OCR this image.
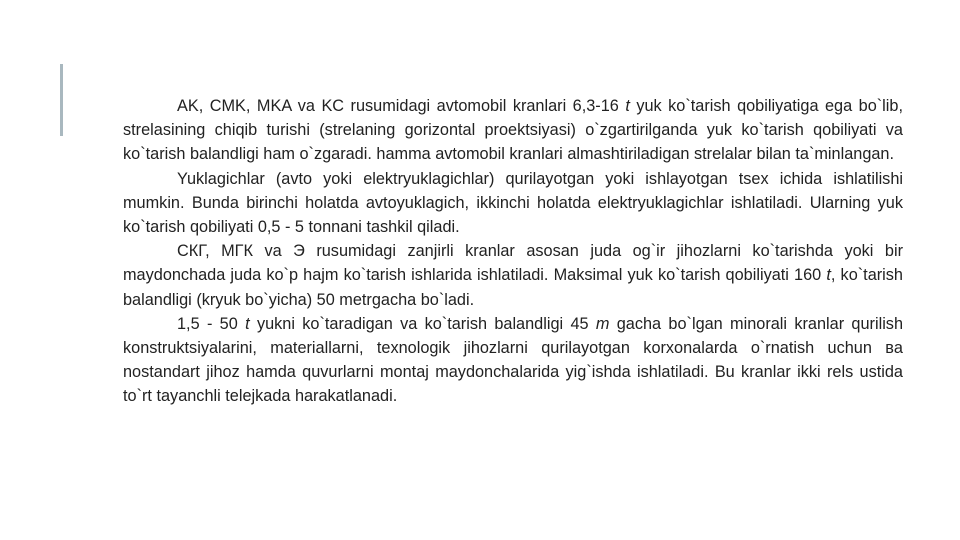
AK, CMK, MKA va KC rusumidagi avtomobil kranlari 6,3-16 t yuk ko`tarish qobiliyatiga ega bo`lib, strelasining chiqib turishi (strelaning gorizontal proektsiyasi) o`zgartirilganda yuk ko`tarish qobiliyati va ko`tarish balandligi ham o`zgaradi. hamma avtomobil kranlari almashtiriladigan strelalar bilan ta`minlangan.

Yuklagichlar (avto yoki elektryuklagichlar) qurilayotgan yoki ishlayotgan tsex ichida ishlatilishi mumkin. Bunda birinchi holatda avtoyuklagich, ikkinchi holatda elektryuklagichlar ishlatiladi. Ularning yuk ko`tarish qobiliyati 0,5 - 5 tonnani tashkil qiladi.

СКГ, МГК va Э rusumidagi zanjirli kranlar asosan juda og`ir jihozlarni ko`tarishda yoki bir maydonchada juda ko`p hajm ko`tarish ishlarida ishlatiladi. Maksimal yuk ko`tarish qobiliyati 160 t, ko`tarish balandligi (kryuk bo`yicha) 50 metrgacha bo`ladi.

1,5 - 50 t yukni ko`taradigan va ko`tarish balandligi 45 m gacha bo`lgan minorali kranlar qurilish konstruktsiyalarini, materiallarni, texnologik jihozlarni qurilayotgan korxonalarda o`rnatish uchun вa nostandart jihoz hamda quvurlarni montaj maydonchalarida yig`ishda ishlatiladi. Bu kranlar ikki rels ustida to`rt tayanchli telejkada harakatlanadi.
